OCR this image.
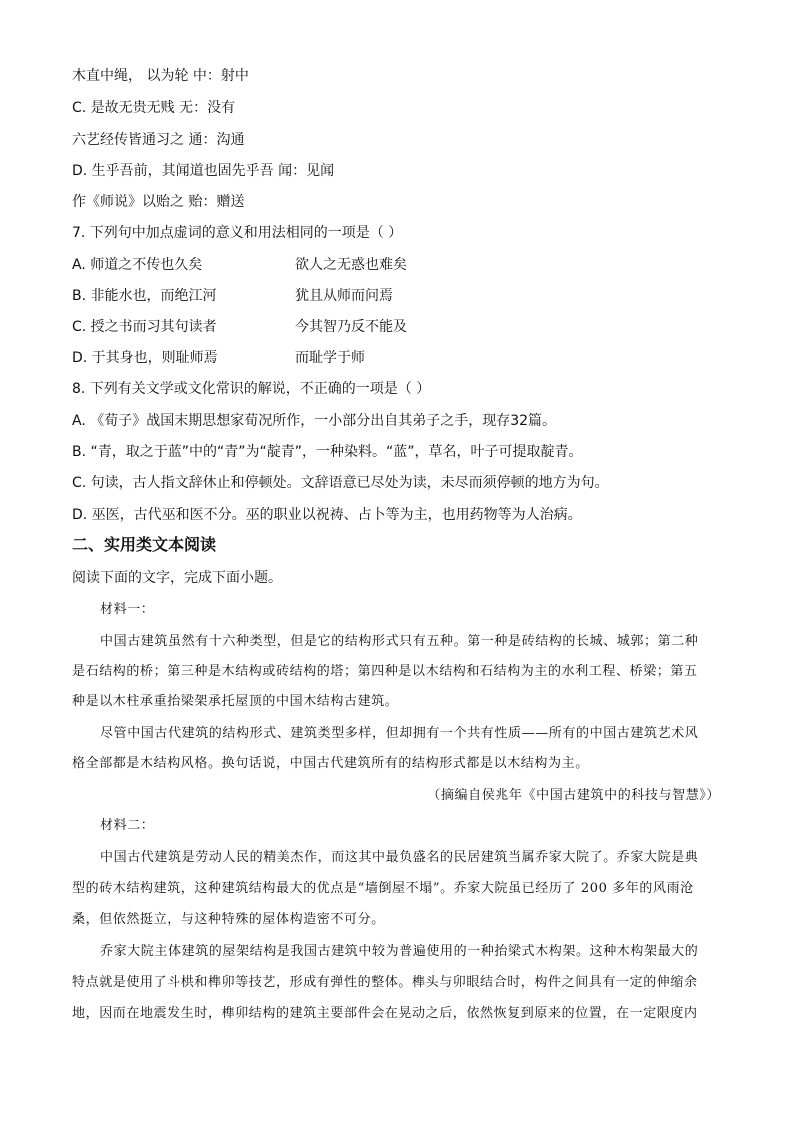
木直中绳， 以为轮 中：射中
C. 是故无贵无贱 无：没有
六艺经传皆通习之 通：沟通
D. 生乎吾前，其闻道也固先乎吾 闻：见闻
作《师说》以贻之 贻：赠送
7. 下列句中加点虚词的意义和用法相同的一项是（ ）
A. 师道之不传也久矣	欲人之无惑也难矣
B. 非能水也，而绝江河	犹且从师而问焉
C. 授之书而习其句读者	今其智乃反不能及
D. 于其身也，则耻师焉	而耻学于师
8. 下列有关文学或文化常识的解说，不正确的一项是（ ）
A. 《荀子》战国末期思想家荀况所作，一小部分出自其弟子之手，现存32篇。
B. “青，取之于蓝”中的“青”为“靛青”，一种染料。“蓝”，草名，叶子可提取靛青。
C. 句读，古人指文辞休止和停顿处。文辞语意已尽处为读，未尽而须停顿的地方为句。
D. 巫医，古代巫和医不分。巫的职业以祝祷、占卜等为主，也用药物等为人治病。
二、实用类文本阅读
阅读下面的文字，完成下面小题。
材料一：
中国古建筑虽然有十六种类型，但是它的结构形式只有五种。第一种是砖结构的长城、城郭；第二种
是石结构的桥；第三种是木结构或砖结构的塔；第四种是以木结构和石结构为主的水利工程、桥梁；第五
种是以木柱承重抬梁架承托屋顶的中国木结构古建筑。
尽管中国古代建筑的结构形式、建筑类型多样，但却拥有一个共有性质——所有的中国古建筑艺术风
格全部都是木结构风格。换句话说，中国古代建筑所有的结构形式都是以木结构为主。
（摘编自侯兆年《中国古建筑中的科技与智慧》）
材料二：
中国古代建筑是劳动人民的精美杰作，而这其中最负盛名的民居建筑当属乔家大院了。乔家大院是典
型的砖木结构建筑，这种建筑结构最大的优点是“墙倒屋不塌”。乔家大院虽已经历了 200 多年的风雨沧
桑，但依然挺立，与这种特殊的屋体构造密不可分。
乔家大院主体建筑的屋架结构是我国古建筑中较为普遍使用的一种抬梁式木构架。这种木构架最大的
特点就是使用了斗栱和榫卯等技艺，形成有弹性的整体。榫头与卯眼结合时，构件之间具有一定的伸缩余
地，因而在地震发生时，榫卯结构的建筑主要部件会在晃动之后，依然恢复到原来的位置，在一定限度内
